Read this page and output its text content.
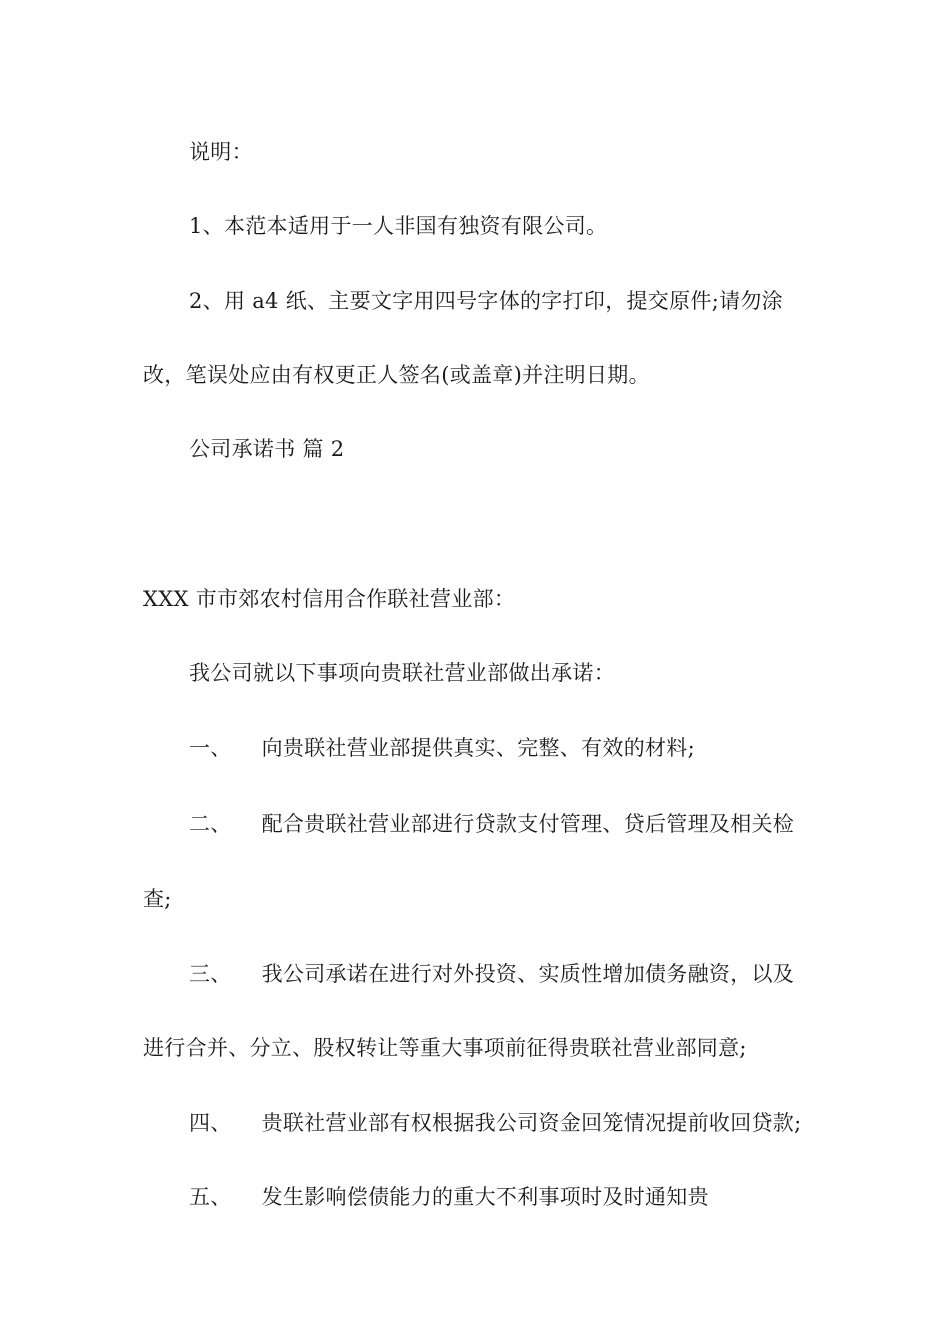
说明：
1、本范本适用于一人非国有独资有限公司。
2、用 a4 纸、主要文字用四号字体的字打印，提交原件;请勿涂
改，笔误处应由有权更正人签名(或盖章)并注明日期。
公司承诺书 篇 2
XXX 市市郊农村信用合作联社营业部：
我公司就以下事项向贵联社营业部做出承诺：
一、 向贵联社营业部提供真实、完整、有效的材料;
二、 配合贵联社营业部进行贷款支付管理、贷后管理及相关检
查;
三、 我公司承诺在进行对外投资、实质性增加债务融资，以及
进行合并、分立、股权转让等重大事项前征得贵联社营业部同意;
四、 贵联社营业部有权根据我公司资金回笼情况提前收回贷款;
五、 发生影响偿债能力的重大不利事项时及时通知贵
